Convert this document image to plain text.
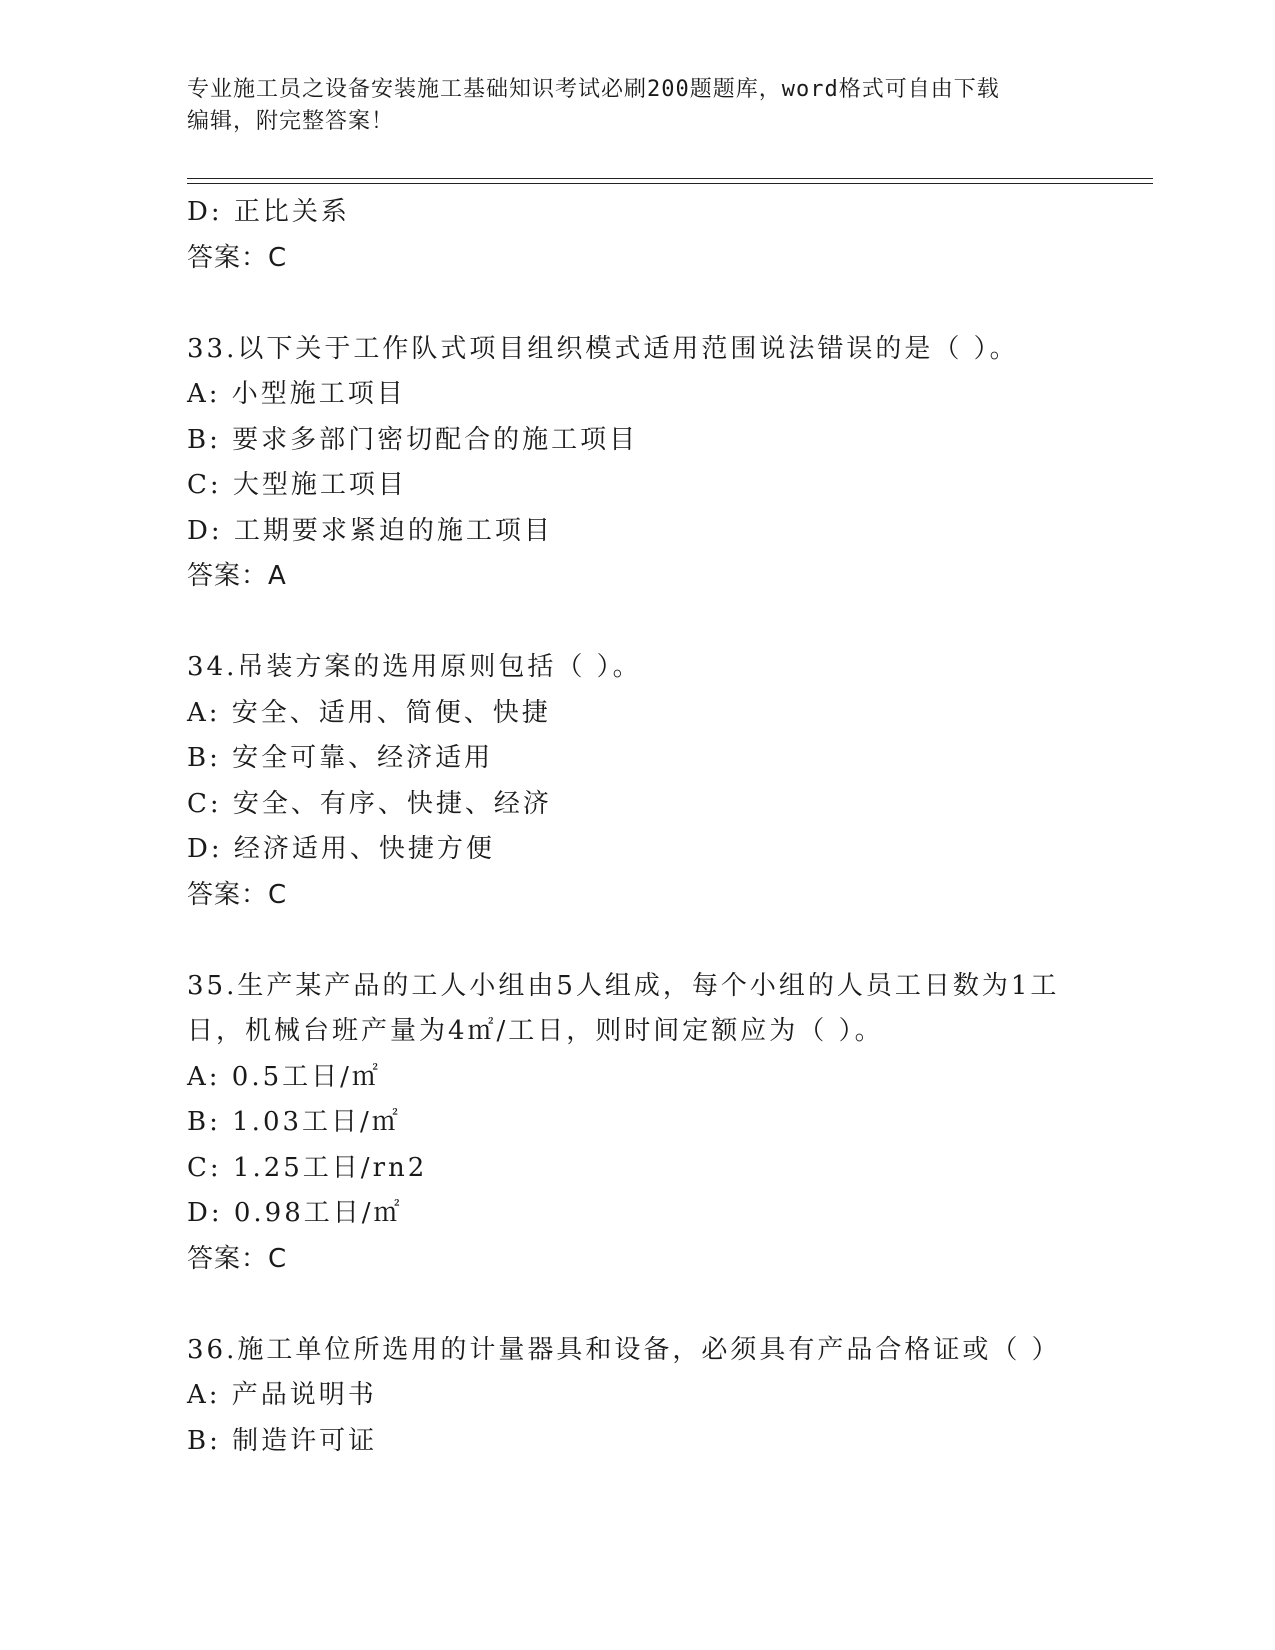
专业施工员之设备安装施工基础知识考试必刷200题题库，word格式可自由下载
编辑，附完整答案！
D: 正比关系
答案：C
33.以下关于工作队式项目组织模式适用范围说法错误的是（ ）。
A: 小型施工项目
B: 要求多部门密切配合的施工项目
C: 大型施工项目
D: 工期要求紧迫的施工项目
答案：A
34.吊装方案的选用原则包括（ ）。
A: 安全、适用、简便、快捷
B: 安全可靠、经济适用
C: 安全、有序、快捷、经济
D: 经济适用、快捷方便
答案：C
35.生产某产品的工人小组由5人组成，每个小组的人员工日数为1工
日，机械台班产量为4㎡/工日，则时间定额应为（ ）。
A: 0.5工日/㎡
B: 1.03工日/㎡
C: 1.25工日/rn2
D: 0.98工日/㎡
答案：C
36.施工单位所选用的计量器具和设备，必须具有产品合格证或（ ）
A: 产品说明书
B: 制造许可证
